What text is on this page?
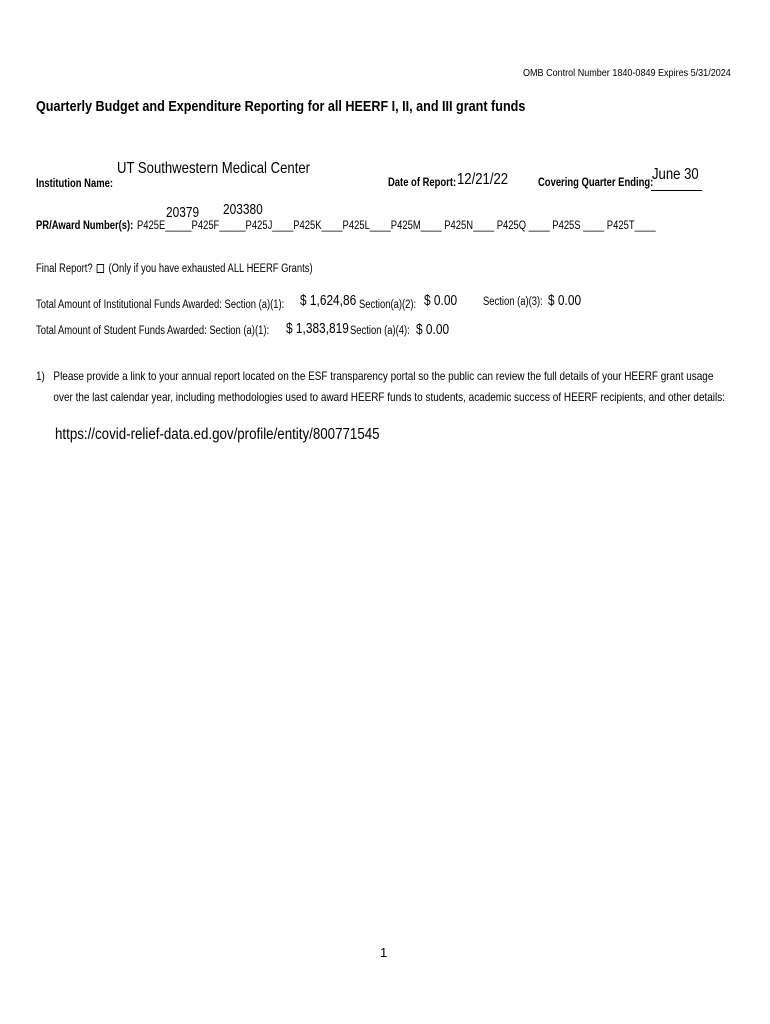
OMB Control Number 1840-0849 Expires 5/31/2024
Quarterly Budget and Expenditure Reporting for all HEERF I, II, and III grant funds
UT Southwestern Medical Center
Institution Name:	Date of Report: 12/21/22	Covering Quarter Ending:
June 30
20379 203380
PR/Award Number(s): P425E_____P425F_____P425J____P425K____P425L____P425M____ P425N____ P425Q ____ P425S ____ P425T____
Final Report? (Only if you have exhausted ALL HEERF Grants)
Total Amount of Institutional Funds Awarded: Section (a)(1): $ 1,624,86 Section(a)(2): $ 0.00 Section (a)(3): $ 0.00
Total Amount of Student Funds Awarded: Section (a)(1): $ 1,383,819 Section (a)(4): $ 0.00
1) Please provide a link to your annual report located on the ESF transparency portal so the public can review the full details of your HEERF grant usage over the last calendar year, including methodologies used to award HEERF funds to students, academic success of HEERF recipients, and other details:
https://covid-relief-data.ed.gov/profile/entity/800771545
1
